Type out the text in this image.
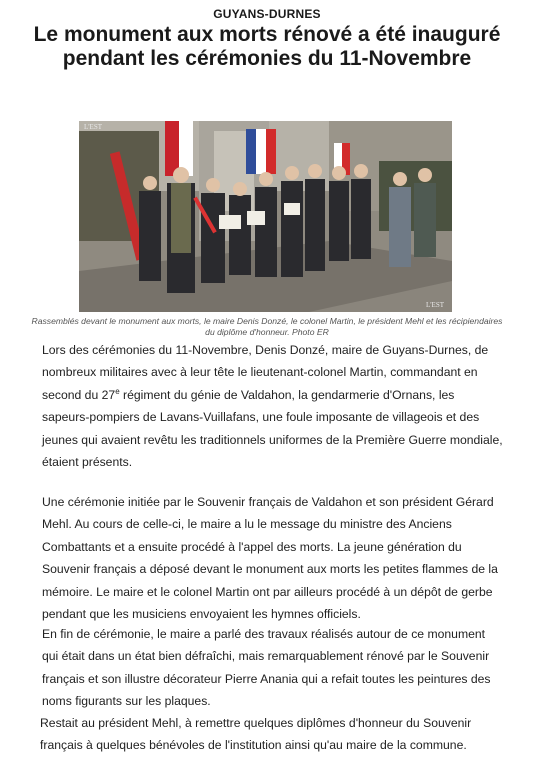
GUYANS-DURNES
Le monument aux morts rénové a été inauguré pendant les cérémonies du 11-Novembre
L'EST
L'EST
Rassemblés devant le monument aux morts, le maire Denis Donzé, le colonel Martin, le président Mehl et les récipiendaires du diplôme d'honneur. Photo ER

Lors des cérémonies du 11-Novembre, Denis Donzé, maire de Guyans-Durnes, de nombreux militaires avec à leur tête le lieutenant-colonel Martin, commandant en second du 27e régiment du génie de Valdahon, la gendarmerie d'Ornans, les sapeurs-pompiers de Lavans-Vuillafans, une foule imposante de villageois et des jeunes qui avaient revêtu les traditionnels uniformes de la Première Guerre mondiale, étaient présents.

Une cérémonie initiée par le Souvenir français de Valdahon et son président Gérard Mehl. Au cours de celle-ci, le maire a lu le message du ministre des Anciens Combattants et a ensuite procédé à l'appel des morts. La jeune génération du Souvenir français a déposé devant le monument aux morts les petites flammes de la mémoire. Le maire et le colonel Martin ont par ailleurs procédé à un dépôt de gerbe pendant que les musiciens envoyaient les hymnes officiels.

En fin de cérémonie, le maire a parlé des travaux réalisés autour de ce monument qui était dans un état bien défraîchi, mais remarquablement rénové par le Souvenir français et son illustre décorateur Pierre Anania qui a refait toutes les peintures des noms figurants sur les plaques.

Restait au président Mehl, à remettre quelques diplômes d'honneur du Souvenir français à quelques bénévoles de l'institution ainsi qu'au maire de la commune.
